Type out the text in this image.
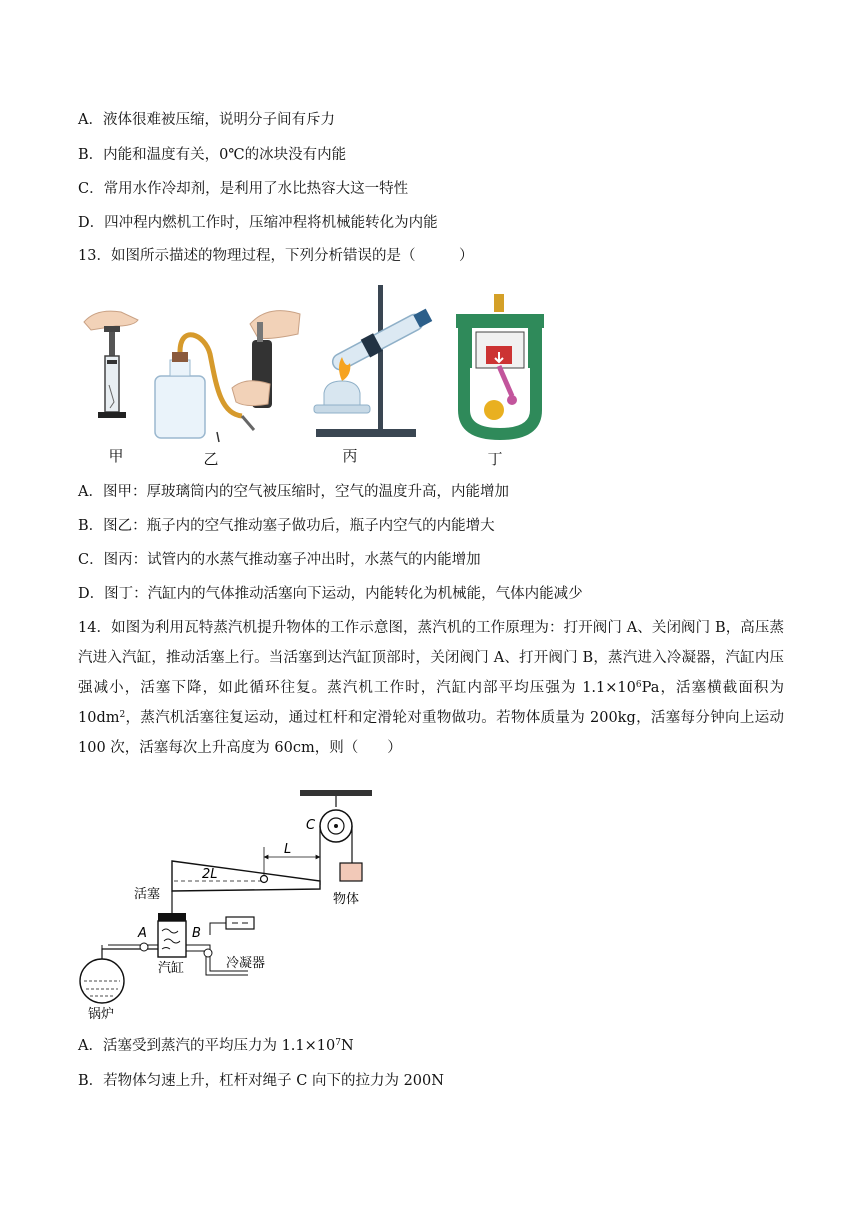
A．液体很难被压缩，说明分子间有斥力
B．内能和温度有关，0℃的冰块没有内能
C．常用水作冷却剂，是利用了水比热容大这一特性
D．四冲程内燃机工作时，压缩冲程将机械能转化为内能
13．如图所示描述的物理过程，下列分析错误的是（　　　）
甲	乙	丙	丁
A．图甲：厚玻璃筒内的空气被压缩时，空气的温度升高，内能增加
B．图乙：瓶子内的空气推动塞子做功后，瓶子内空气的内能增大
C．图丙：试管内的水蒸气推动塞子冲出时，水蒸气的内能增加
D．图丁：汽缸内的气体推动活塞向下运动，内能转化为机械能，气体内能减少
14．如图为利用瓦特蒸汽机提升物体的工作示意图，蒸汽机的工作原理为：打开阀门 A、关闭阀门 B，高压蒸汽进入汽缸，推动活塞上行。当活塞到达汽缸顶部时，关闭阀门 A、打开阀门 B，蒸汽进入冷凝器，汽缸内压强减小，活塞下降，如此循环往复。蒸汽机工作时，汽缸内部平均压强为 $1.1\times 10^6Pa$，活塞横截面积为 $10dm^2$，蒸汽机活塞往复运动，通过杠杆和定滑轮对重物做功。若物体质量为 200kg，活塞每分钟向上运动 100 次，活塞每次上升高度为 60cm，则（　　）
C
物体
L
2L
活塞
汽缸
A
锅炉
B
冷凝器
A．活塞受到蒸汽的平均压力为 $1.1\times 10^7N$
B．若物体匀速上升，杠杆对绳子 C 向下的拉力为 200N
